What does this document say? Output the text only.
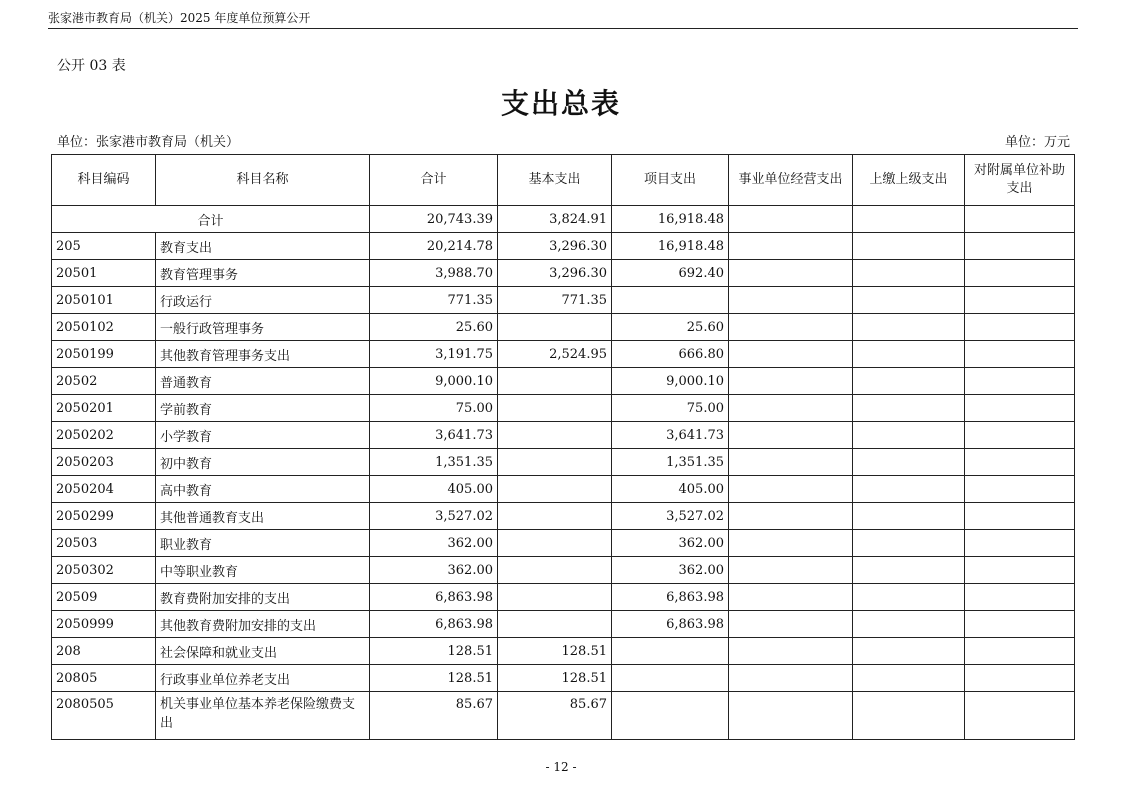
张家港市教育局（机关）2025 年度单位预算公开
公开 03 表
支出总表
单位：张家港市教育局（机关）	单位：万元
科目编码	科目名称	合计	基本支出	项目支出	事业单位经营支出	上缴上级支出	对附属单位补助支出
合计		20,743.39	3,824.91	16,918.48			
205	教育支出	20,214.78	3,296.30	16,918.48			
20501	教育管理事务	3,988.70	3,296.30	692.40			
2050101	行政运行	771.35	771.35				
2050102	一般行政管理事务	25.60		25.60			
2050199	其他教育管理事务支出	3,191.75	2,524.95	666.80			
20502	普通教育	9,000.10		9,000.10			
2050201	学前教育	75.00		75.00			
2050202	小学教育	3,641.73		3,641.73			
2050203	初中教育	1,351.35		1,351.35			
2050204	高中教育	405.00		405.00			
2050299	其他普通教育支出	3,527.02		3,527.02			
20503	职业教育	362.00		362.00			
2050302	中等职业教育	362.00		362.00			
20509	教育费附加安排的支出	6,863.98		6,863.98			
2050999	其他教育费附加安排的支出	6,863.98		6,863.98			
208	社会保障和就业支出	128.51	128.51				
20805	行政事业单位养老支出	128.51	128.51				
2080505	机关事业单位基本养老保险缴费支出	85.67	85.67				
- 12 -
